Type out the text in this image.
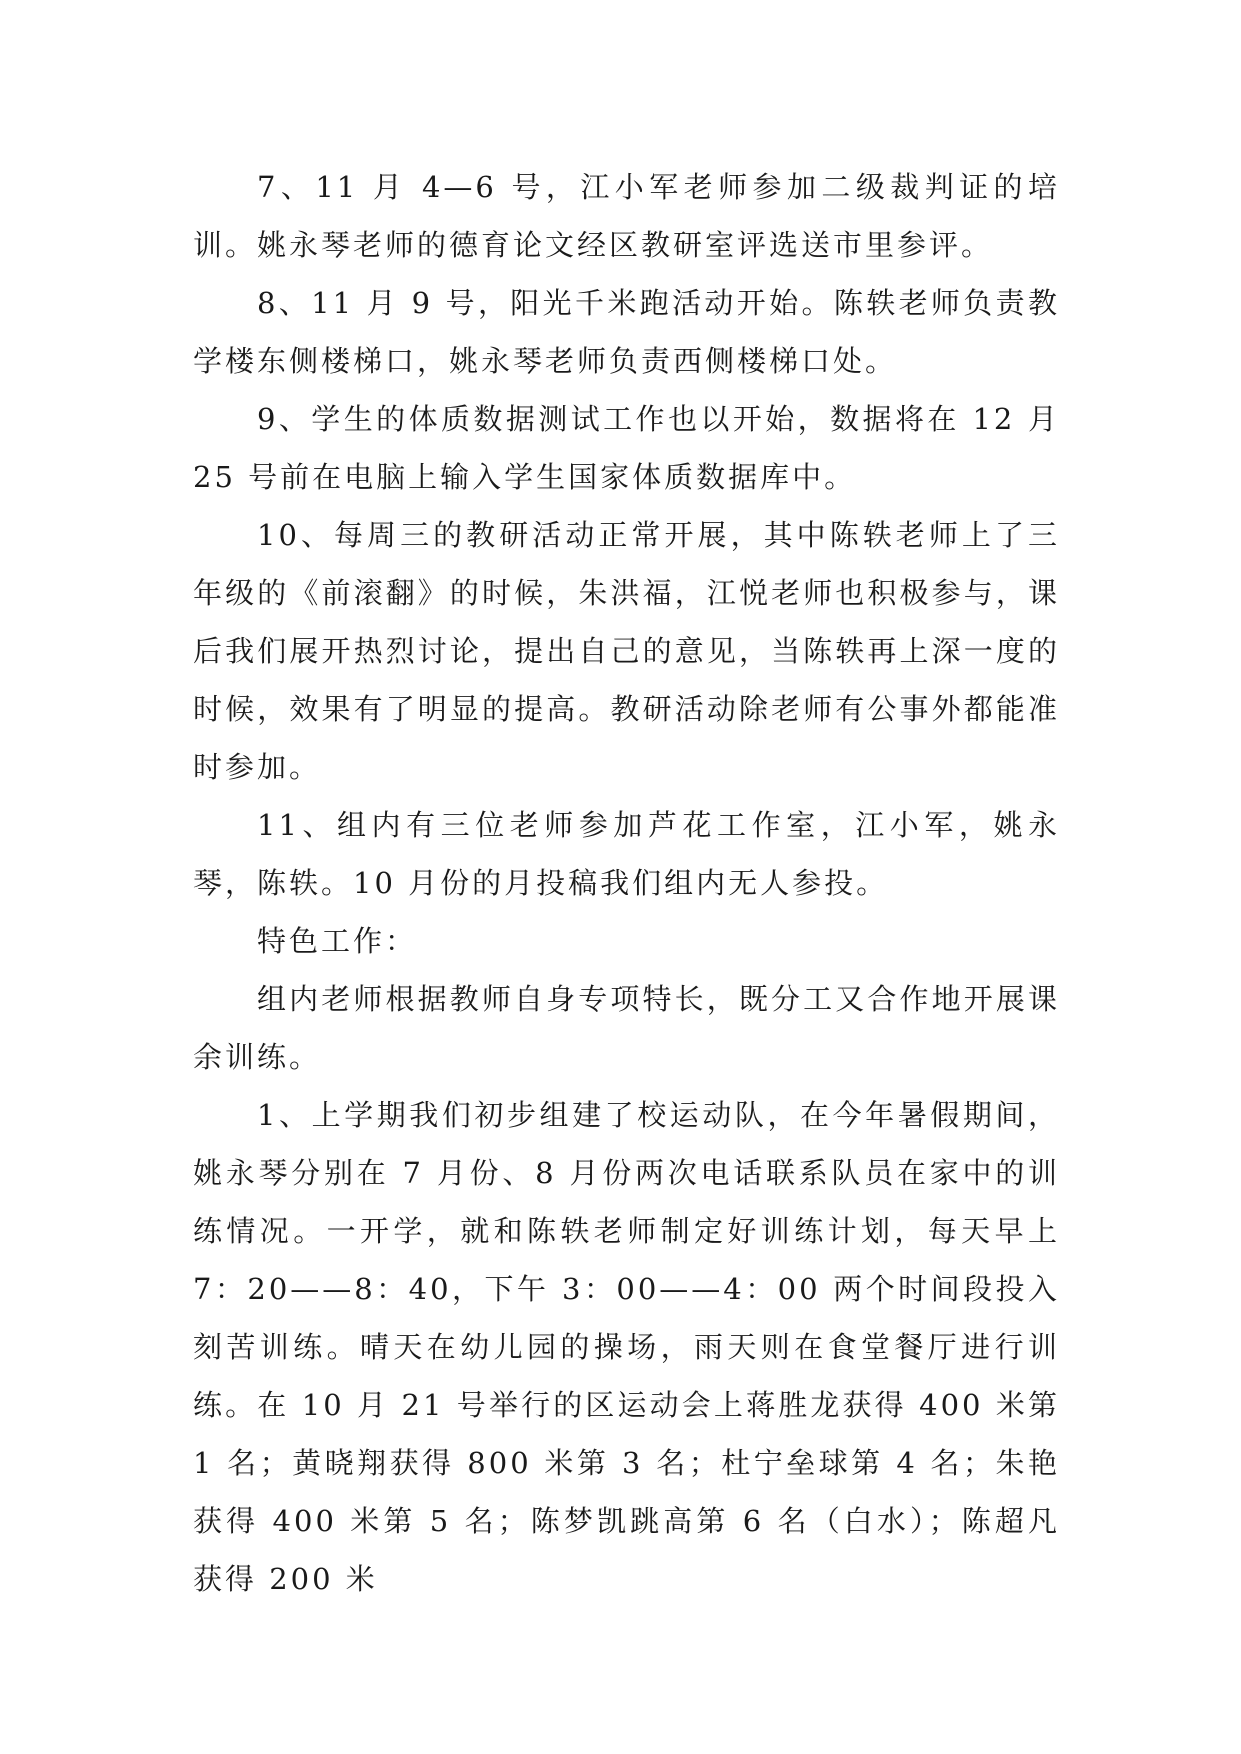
7、11 月 4—6 号，江小军老师参加二级裁判证的培训。姚永琴老师的德育论文经区教研室评选送市里参评。

8、11 月 9 号，阳光千米跑活动开始。陈轶老师负责教学楼东侧楼梯口，姚永琴老师负责西侧楼梯口处。

9、学生的体质数据测试工作也以开始，数据将在 12 月 25 号前在电脑上输入学生国家体质数据库中。

10、每周三的教研活动正常开展，其中陈轶老师上了三年级的《前滚翻》的时候，朱洪福，江悦老师也积极参与，课后我们展开热烈讨论，提出自己的意见，当陈轶再上深一度的时候，效果有了明显的提高。教研活动除老师有公事外都能准时参加。

11、组内有三位老师参加芦花工作室，江小军，姚永琴，陈轶。10 月份的月投稿我们组内无人参投。

特色工作：

组内老师根据教师自身专项特长，既分工又合作地开展课余训练。

1、上学期我们初步组建了校运动队，在今年暑假期间，姚永琴分别在 7 月份、8 月份两次电话联系队员在家中的训练情况。一开学，就和陈轶老师制定好训练计划，每天早上 7：20——8：40，下午 3：00——4：00 两个时间段投入刻苦训练。晴天在幼儿园的操场，雨天则在食堂餐厅进行训练。在 10 月 21 号举行的区运动会上蒋胜龙获得 400 米第 1 名；黄晓翔获得 800 米第 3 名；杜宁垒球第 4 名；朱艳获得 400 米第 5 名；陈梦凯跳高第 6 名（白水）；陈超凡获得 200 米
